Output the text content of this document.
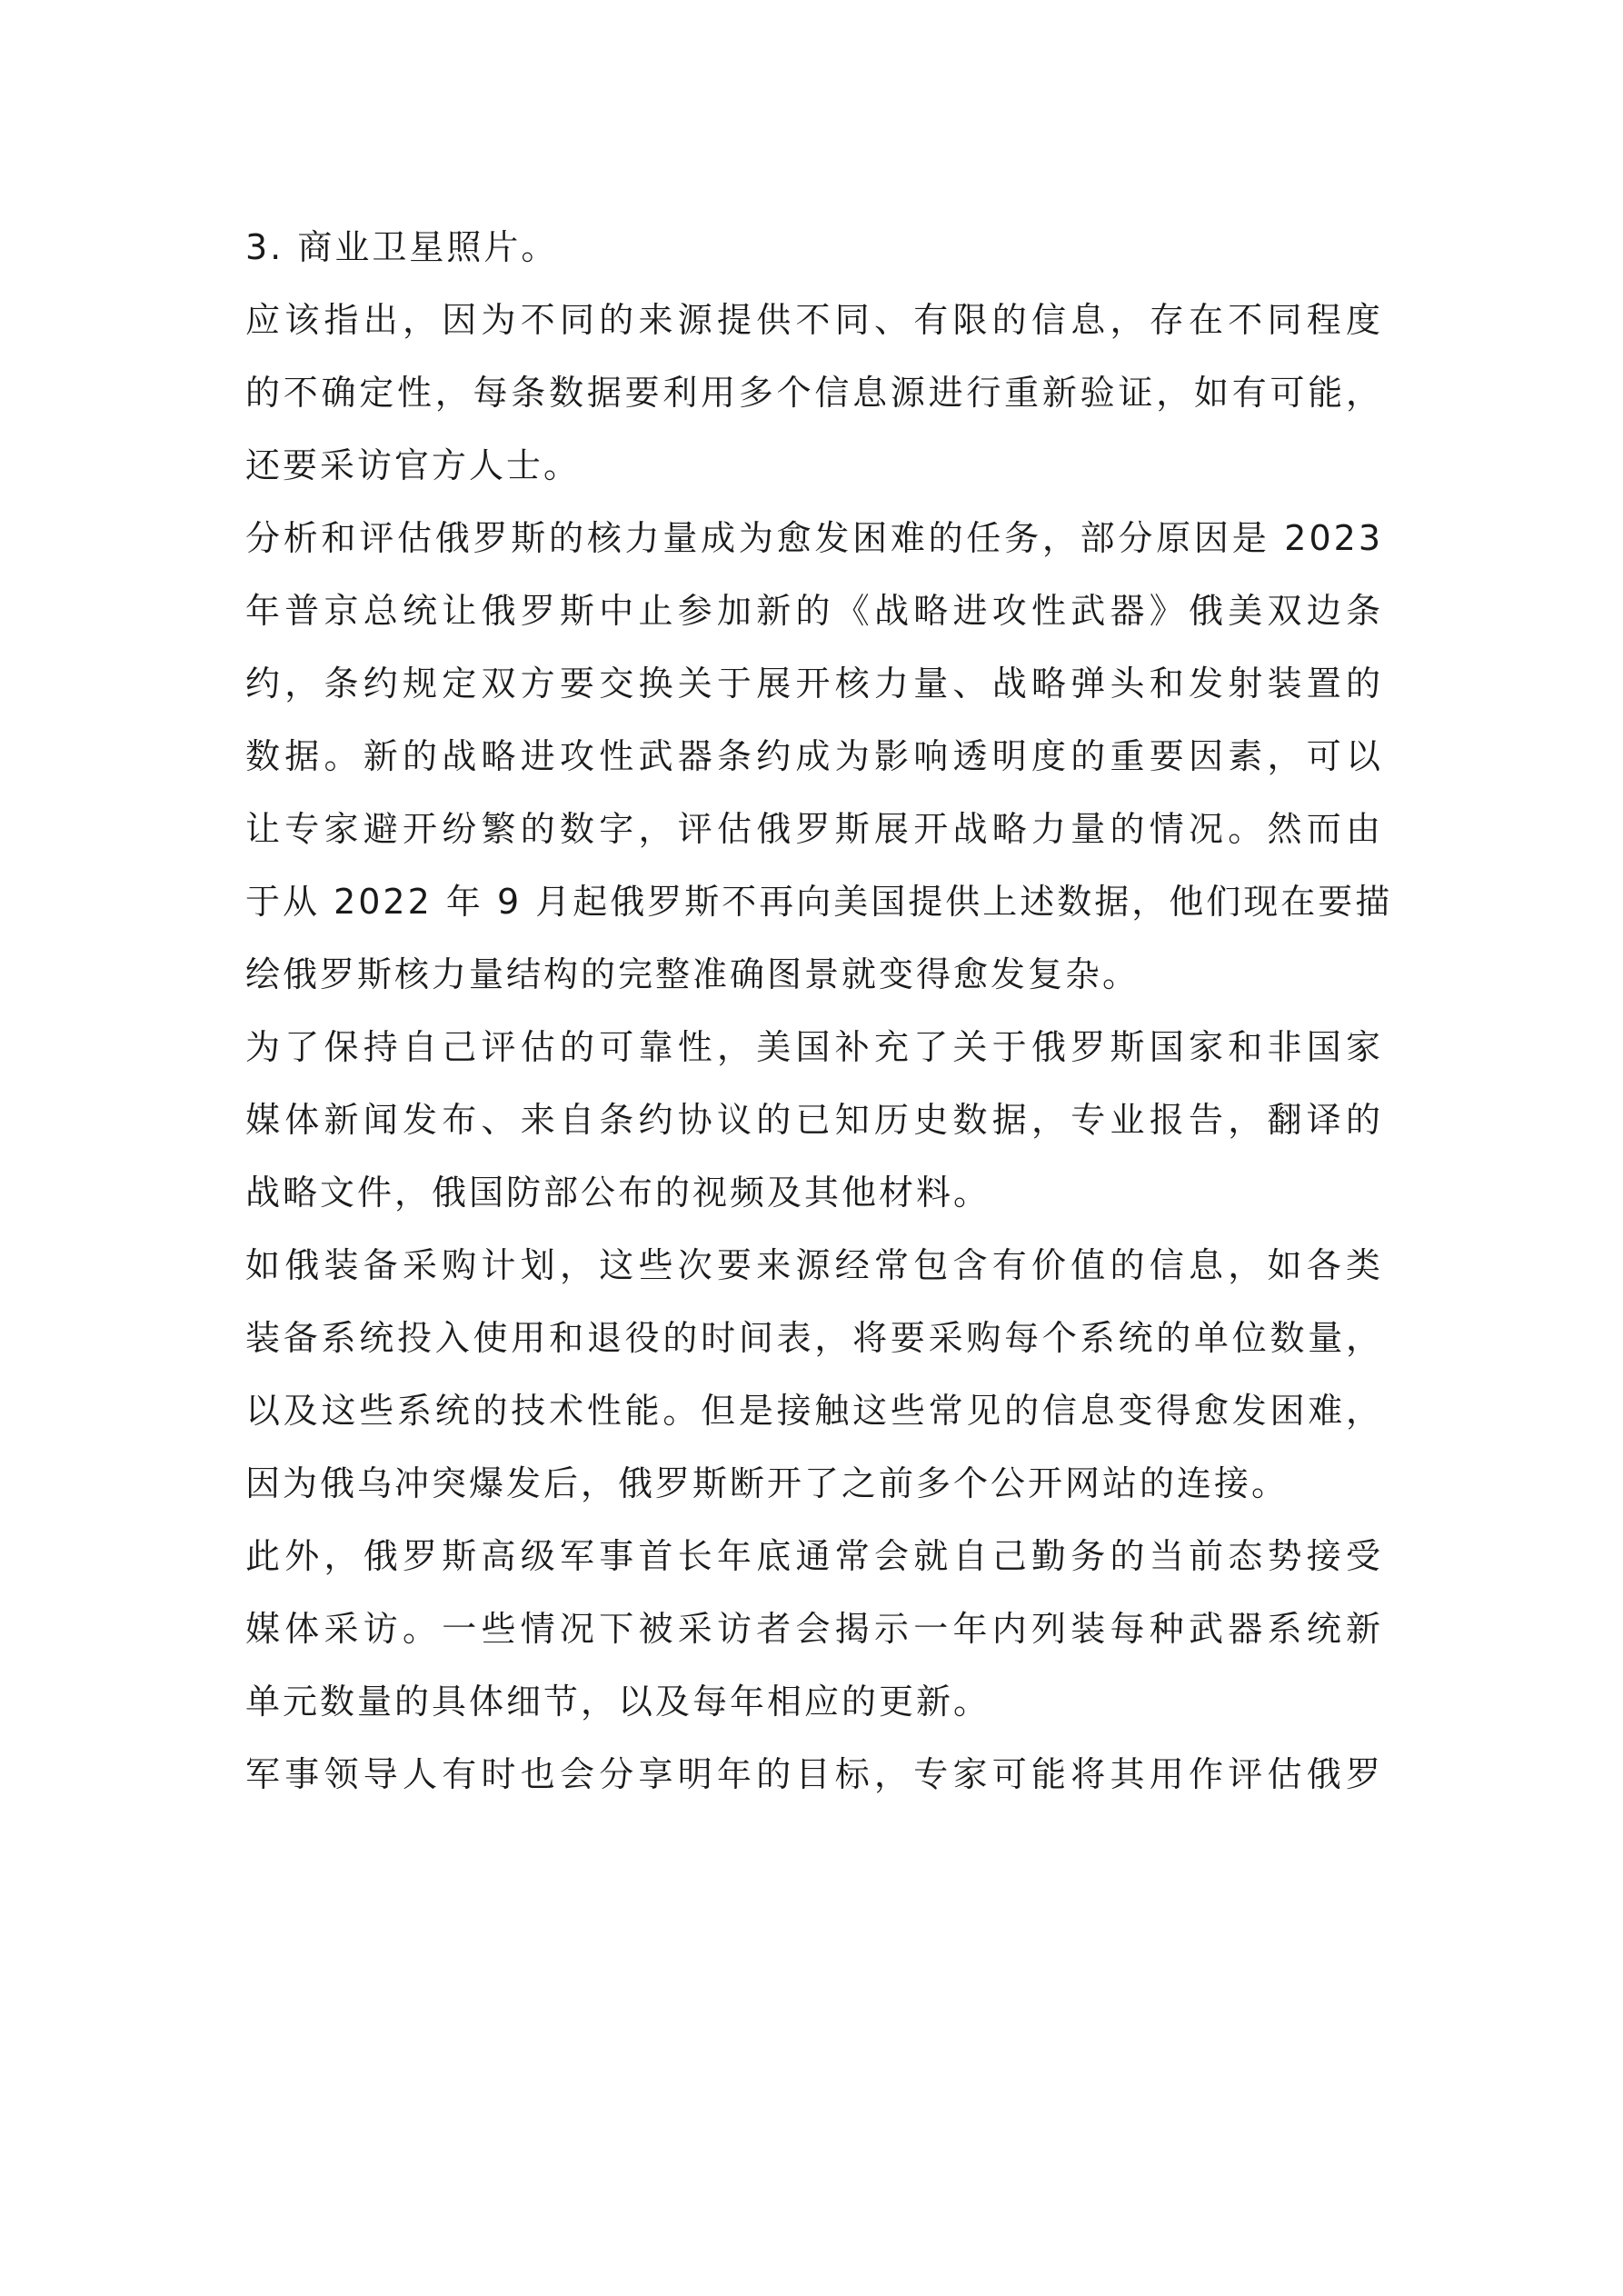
3. 商业卫星照片。
应该指出，因为不同的来源提供不同、有限的信息，存在不同程度
的不确定性，每条数据要利用多个信息源进行重新验证，如有可能，
还要采访官方人士。
分析和评估俄罗斯的核力量成为愈发困难的任务，部分原因是 2023
年普京总统让俄罗斯中止参加新的《战略进攻性武器》俄美双边条
约，条约规定双方要交换关于展开核力量、战略弹头和发射装置的
数据。新的战略进攻性武器条约成为影响透明度的重要因素，可以
让专家避开纷繁的数字，评估俄罗斯展开战略力量的情况。然而由
于从 2022 年 9 月起俄罗斯不再向美国提供上述数据，他们现在要描
绘俄罗斯核力量结构的完整准确图景就变得愈发复杂。
为了保持自己评估的可靠性，美国补充了关于俄罗斯国家和非国家
媒体新闻发布、来自条约协议的已知历史数据，专业报告，翻译的
战略文件，俄国防部公布的视频及其他材料。
如俄装备采购计划，这些次要来源经常包含有价值的信息，如各类
装备系统投入使用和退役的时间表，将要采购每个系统的单位数量，
以及这些系统的技术性能。但是接触这些常见的信息变得愈发困难，
因为俄乌冲突爆发后，俄罗斯断开了之前多个公开网站的连接。
此外，俄罗斯高级军事首长年底通常会就自己勤务的当前态势接受
媒体采访。一些情况下被采访者会揭示一年内列装每种武器系统新
单元数量的具体细节，以及每年相应的更新。
军事领导人有时也会分享明年的目标，专家可能将其用作评估俄罗
